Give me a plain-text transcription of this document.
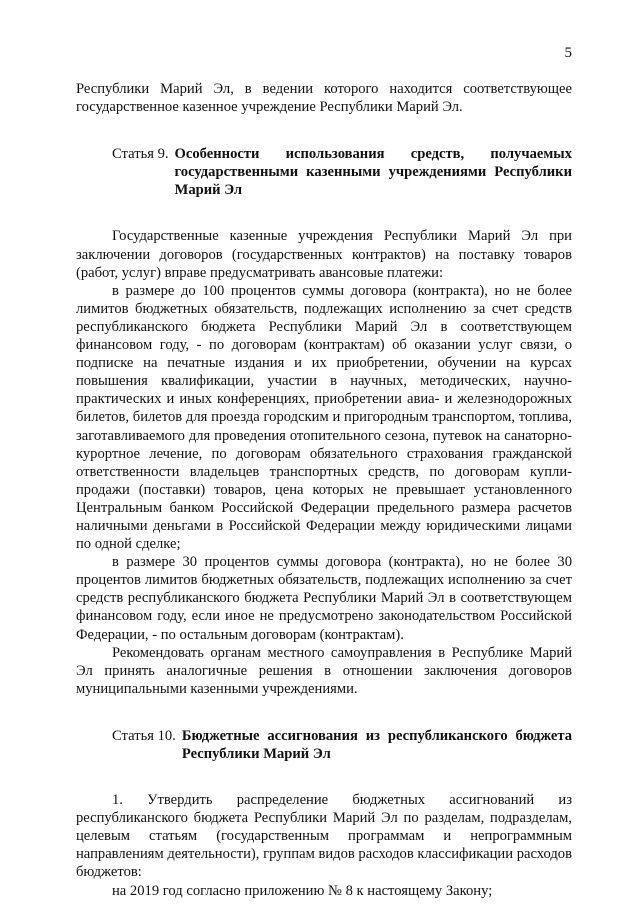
5

Республики Марий Эл, в ведении которого находится соответствующее государственное казенное учреждение Республики Марий Эл.

Статья 9. Особенности использования средств, получаемых государственными казенными учреждениями Республики Марий Эл

Государственные казенные учреждения Республики Марий Эл при заключении договоров (государственных контрактов) на поставку товаров (работ, услуг) вправе предусматривать авансовые платежи:

в размере до 100 процентов суммы договора (контракта), но не более лимитов бюджетных обязательств, подлежащих исполнению за счет средств республиканского бюджета Республики Марий Эл в соответствующем финансовом году, - по договорам (контрактам) об оказании услуг связи, о подписке на печатные издания и их приобретении, обучении на курсах повышения квалификации, участии в научных, методических, научно-практических и иных конференциях, приобретении авиа- и железнодорожных билетов, билетов для проезда городским и пригородным транспортом, топлива, заготавливаемого для проведения отопительного сезона, путевок на санаторно-курортное лечение, по договорам обязательного страхования гражданской ответственности владельцев транспортных средств, по договорам купли-продажи (поставки) товаров, цена которых не превышает установленного Центральным банком Российской Федерации предельного размера расчетов наличными деньгами в Российской Федерации между юридическими лицами по одной сделке;

в размере 30 процентов суммы договора (контракта), но не более 30 процентов лимитов бюджетных обязательств, подлежащих исполнению за счет средств республиканского бюджета Республики Марий Эл в соответствующем финансовом году, если иное не предусмотрено законодательством Российской Федерации, - по остальным договорам (контрактам).

Рекомендовать органам местного самоуправления в Республике Марий Эл принять аналогичные решения в отношении заключения договоров муниципальными казенными учреждениями.

Статья 10. Бюджетные ассигнования из республиканского бюджета Республики Марий Эл

1. Утвердить распределение бюджетных ассигнований из республиканского бюджета Республики Марий Эл по разделам, подразделам, целевым статьям (государственным программам и непрограммным направлениям деятельности), группам видов расходов классификации расходов бюджетов:

на 2019 год согласно приложению № 8 к настоящему Закону;
